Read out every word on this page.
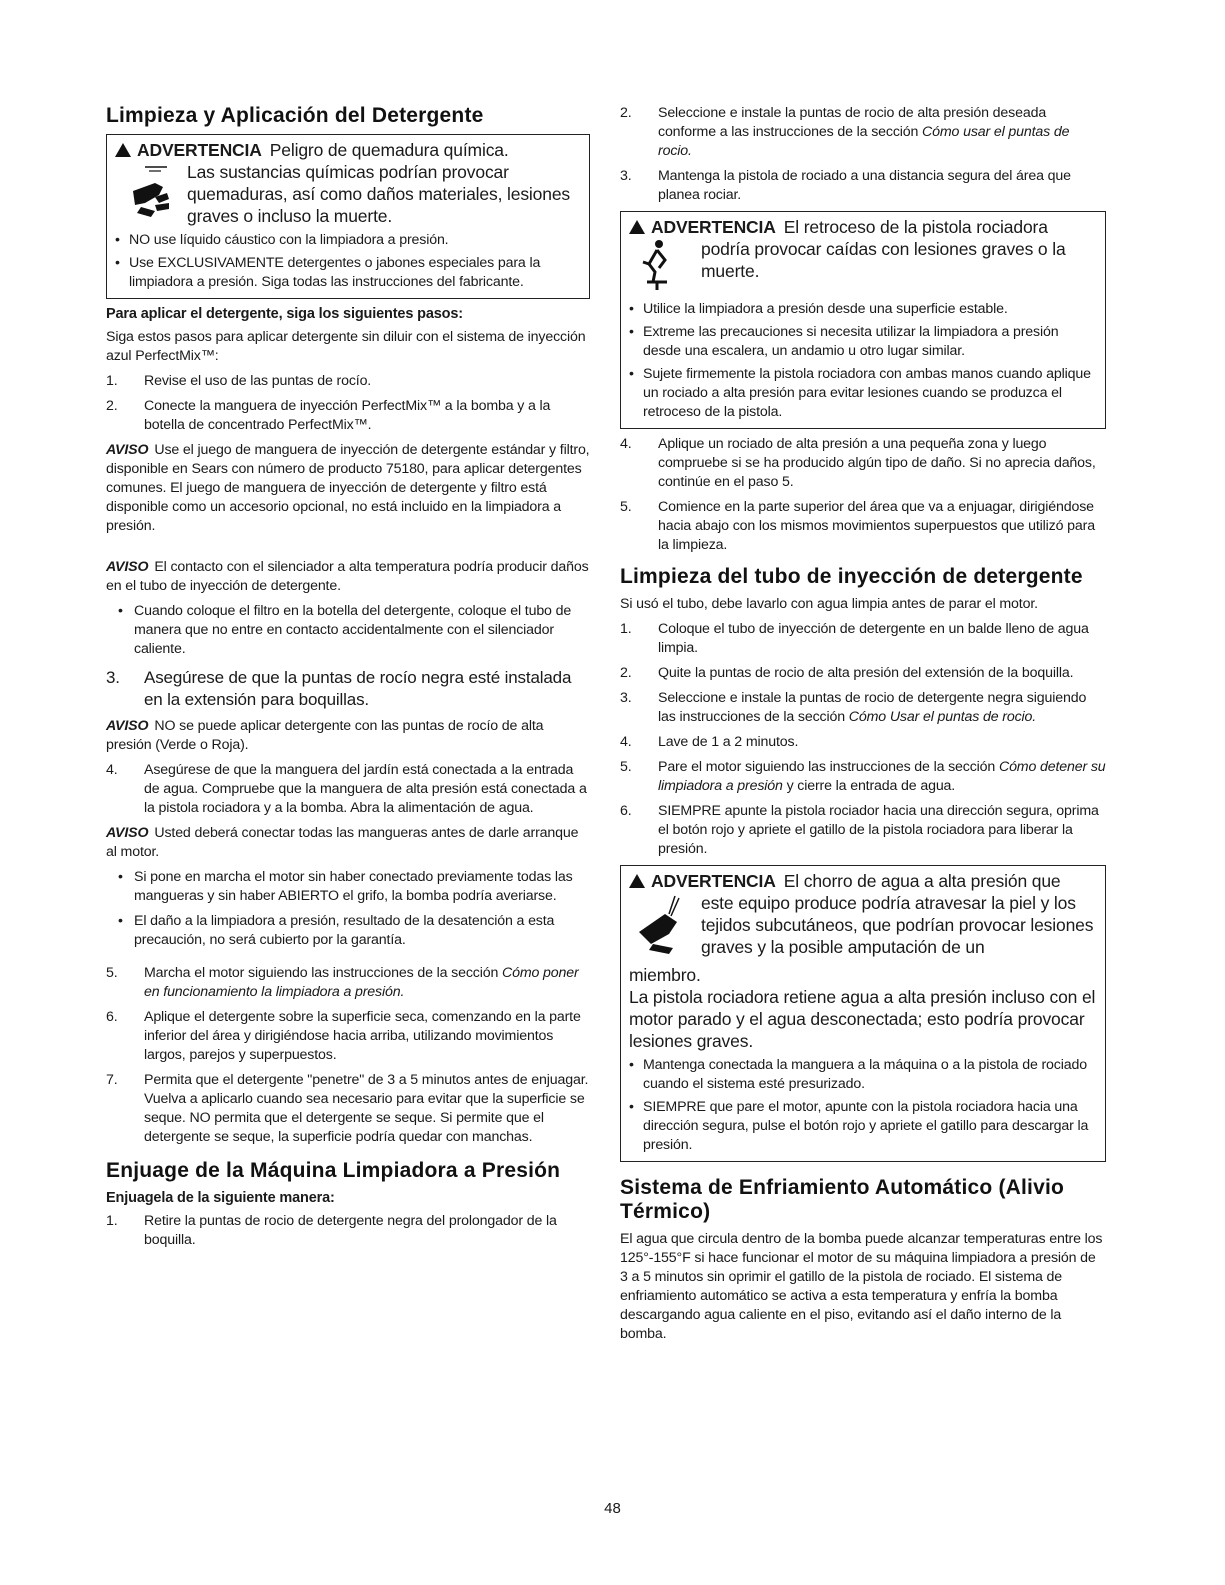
Limpieza y Aplicación del Detergente
ADVERTENCIA Peligro de quemadura química.
Las sustancias químicas podrían provocar quemaduras, así como daños materiales, lesiones graves o incluso la muerte.
• NO use líquido cáustico con la limpiadora a presión.
• Use EXCLUSIVAMENTE detergentes o jabones especiales para la limpiadora a presión. Siga todas las instrucciones del fabricante.
Para aplicar el detergente, siga los siguientes pasos:

Siga estos pasos para aplicar detergente sin diluir con el sistema de inyección azul PerfectMix™:

1.	Revise el uso de las puntas de rocío.
2.	Conecte la manguera de inyección PerfectMix™ a la bomba y a la botella de concentrado PerfectMix™.

AVISO Use el juego de manguera de inyección de detergente estándar y filtro, disponible en Sears con número de producto 75180, para aplicar detergentes comunes. El juego de manguera de inyección de detergente y filtro está disponible como un accesorio opcional, no está incluido en la limpiadora a presión.

AVISO El contacto con el silenciador a alta temperatura podría producir daños en el tubo de inyección de detergente.

• Cuando coloque el filtro en la botella del detergente, coloque el tubo de manera que no entre en contacto accidentalmente con el silenciador caliente.
3.	Asegúrese de que la puntas de rocío negra esté instalada en la extensión para boquillas.

AVISO NO se puede aplicar detergente con las puntas de rocío de alta presión (Verde o Roja).

4.	Asegúrese de que la manguera del jardín está conectada a la entrada de agua. Compruebe que la manguera de alta presión está conectada a la pistola rociadora y a la bomba. Abra la alimentación de agua.

AVISO Usted deberá conectar todas las mangueras antes de darle arranque al motor.

• Si pone en marcha el motor sin haber conectado previamente todas las mangueras y sin haber ABIERTO el grifo, la bomba podría averiarse.
• El daño a la limpiadora a presión, resultado de la desatención a esta precaución, no será cubierto por la garantía.
5.	Marcha el motor siguiendo las instrucciones de la sección Cómo poner en funcionamiento la limpiadora a presión.
6.	Aplique el detergente sobre la superficie seca, comenzando en la parte inferior del área y dirigiéndose hacia arriba, utilizando movimientos largos, parejos y superpuestos.
7.	Permita que el detergente "penetre" de 3 a 5 minutos antes de enjuagar. Vuelva a aplicarlo cuando sea necesario para evitar que la superficie se seque. NO permita que el detergente se seque. Si permite que el detergente se seque, la superficie podría quedar con manchas.
Enjuage de la Máquina Limpiadora a Presión
Enjuagela de la siguiente manera:
1.	Retire la puntas de rocio de detergente negra del prolongador de la boquilla.
2.	Seleccione e instale la puntas de rocio de alta presión deseada conforme a las instrucciones de la sección Cómo usar el puntas de rocio.
3.	Mantenga la pistola de rociado a una distancia segura del área que planea rociar.
ADVERTENCIA El retroceso de la pistola rociadora
podría provocar caídas con lesiones graves o la muerte.
• Utilice la limpiadora a presión desde una superficie estable.
• Extreme las precauciones si necesita utilizar la limpiadora a presión desde una escalera, un andamio u otro lugar similar.
• Sujete firmemente la pistola rociadora con ambas manos cuando aplique un rociado a alta presión para evitar lesiones cuando se produzca el retroceso de la pistola.
4.	Aplique un rociado de alta presión a una pequeña zona y luego compruebe si se ha producido algún tipo de daño. Si no aprecia daños, continúe en el paso 5.
5.	Comience en la parte superior del área que va a enjuagar, dirigiéndose hacia abajo con los mismos movimientos superpuestos que utilizó para la limpieza.
Limpieza del tubo de inyección de detergente

Si usó el tubo, debe lavarlo con agua limpia antes de parar el motor.

1.	Coloque el tubo de inyección de detergente en un balde lleno de agua limpia.
2.	Quite la puntas de rocio de alta presión del extensión de la boquilla.
3.	Seleccione e instale la puntas de rocio de detergente negra siguiendo las instrucciones de la sección Cómo Usar el puntas de rocio.
4.	Lave de 1 a 2 minutos.
5.	Pare el motor siguiendo las instrucciones de la sección Cómo detener su limpiadora a presión y cierre la entrada de agua.
6.	SIEMPRE apunte la pistola rociador hacia una dirección segura, oprima el botón rojo y apriete el gatillo de la pistola rociadora para liberar la presión.
ADVERTENCIA El chorro de agua a alta presión que
este equipo produce podría atravesar la piel y los tejidos subcutáneos, que podrían provocar lesiones graves y la posible amputación de un
miembro.
La pistola rociadora retiene agua a alta presión incluso con el motor parado y el agua desconectada; esto podría provocar lesiones graves.
• Mantenga conectada la manguera a la máquina o a la pistola de rociado cuando el sistema esté presurizado.
• SIEMPRE que pare el motor, apunte con la pistola rociadora hacia una dirección segura, pulse el botón rojo y apriete el gatillo para descargar la presión.
Sistema de Enfriamiento Automático (Alivio Térmico)

El agua que circula dentro de la bomba puede alcanzar temperaturas entre los 125°-155°F si hace funcionar el motor de su máquina limpiadora a presión de 3 a 5 minutos sin oprimir el gatillo de la pistola de rociado. El sistema de enfriamiento automático se activa a esta temperatura y enfría la bomba descargando agua caliente en el piso, evitando así el daño interno de la bomba.

48
